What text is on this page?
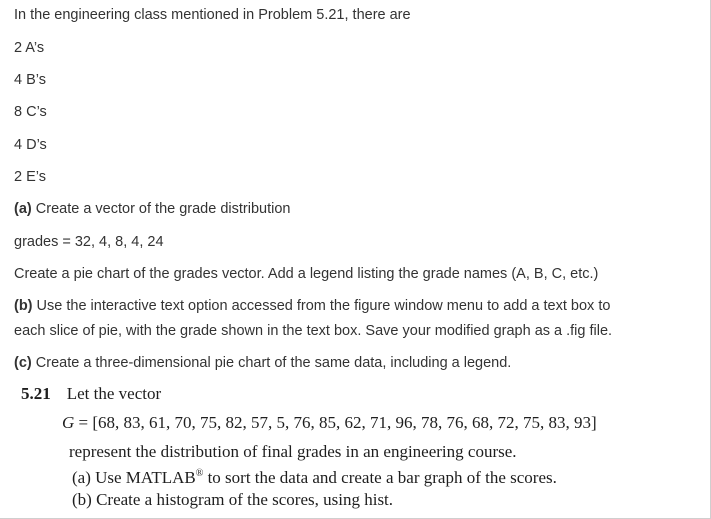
In the engineering class mentioned in Problem 5.21, there are
2 A’s
4 B’s
8 C’s
4 D’s
2 E’s
(a) Create a vector of the grade distribution
grades = 32, 4, 8, 4, 24
Create a pie chart of the grades vector. Add a legend listing the grade names (A, B, C, etc.)
(b) Use the interactive text option accessed from the figure window menu to add a text box to
each slice of pie, with the grade shown in the text box. Save your modified graph as a .fig file.
(c) Create a three-dimensional pie chart of the same data, including a legend.
5.21 Let the vector
G = [68, 83, 61, 70, 75, 82, 57, 5, 76, 85, 62, 71, 96, 78, 76, 68, 72, 75, 83, 93]
represent the distribution of final grades in an engineering course.
(a) Use MATLAB® to sort the data and create a bar graph of the scores.
(b) Create a histogram of the scores, using hist.
